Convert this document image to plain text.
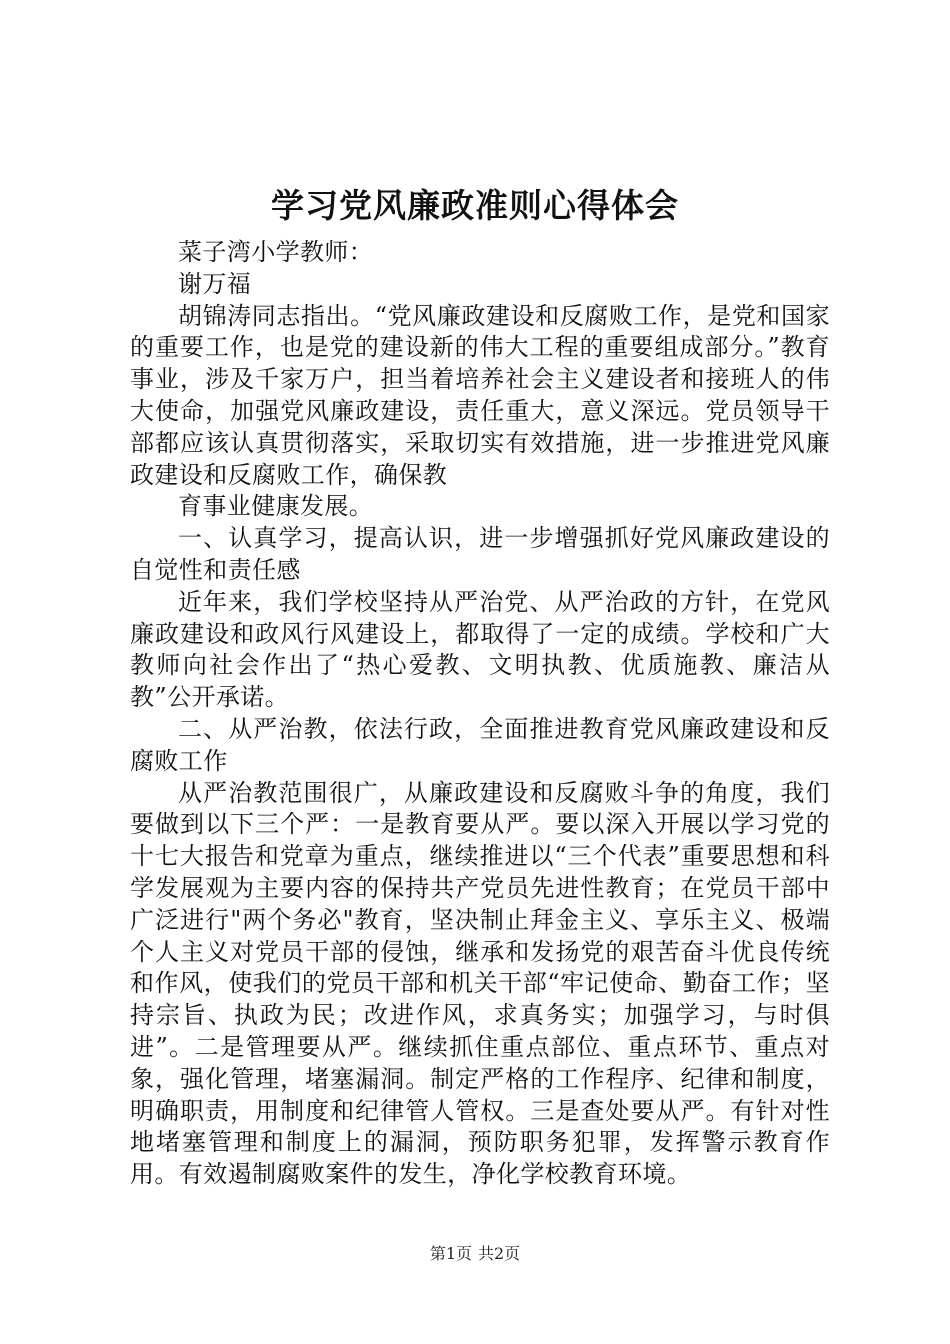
学习党风廉政准则心得体会

菜子湾小学教师：

谢万福

胡锦涛同志指出。“党风廉政建设和反腐败工作，是党和国家的重要工作，也是党的建设新的伟大工程的重要组成部分。”教育事业，涉及千家万户，担当着培养社会主义建设者和接班人的伟大使命，加强党风廉政建设，责任重大，意义深远。党员领导干部都应该认真贯彻落实，采取切实有效措施，进一步推进党风廉政建设和反腐败工作，确保教

育事业健康发展。

一、认真学习，提高认识，进一步增强抓好党风廉政建设的自觉性和责任感

近年来，我们学校坚持从严治党、从严治政的方针，在党风廉政建设和政风行风建设上，都取得了一定的成绩。学校和广大教师向社会作出了“热心爱教、文明执教、优质施教、廉洁从教”公开承诺。

二、从严治教，依法行政，全面推进教育党风廉政建设和反腐败工作

从严治教范围很广，从廉政建设和反腐败斗争的角度，我们要做到以下三个严：一是教育要从严。要以深入开展以学习党的十七大报告和党章为重点，继续推进以“三个代表”重要思想和科学发展观为主要内容的保持共产党员先进性教育；在党员干部中广泛进行"两个务必"教育，坚决制止拜金主义、享乐主义、极端个人主义对党员干部的侵蚀，继承和发扬党的艰苦奋斗优良传统和作风，使我们的党员干部和机关干部“牢记使命、勤奋工作；坚持宗旨、执政为民；改进作风，求真务实；加强学习，与时俱进”。二是管理要从严。继续抓住重点部位、重点环节、重点对象，强化管理，堵塞漏洞。制定严格的工作程序、纪律和制度，明确职责，用制度和纪律管人管权。三是查处要从严。有针对性地堵塞管理和制度上的漏洞，预防职务犯罪，发挥警示教育作用。有效遏制腐败案件的发生，净化学校教育环境。

第1页 共2页
